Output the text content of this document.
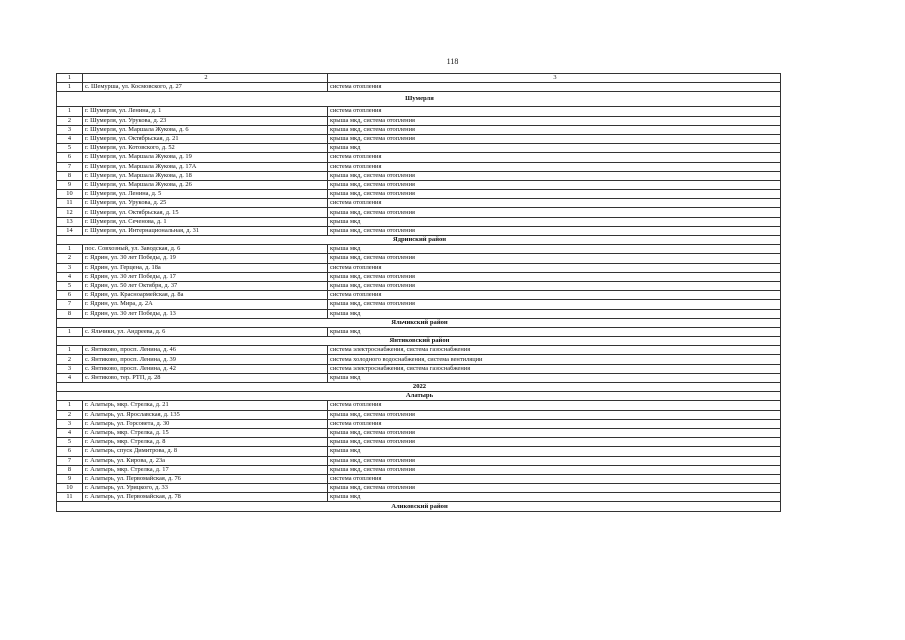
118
1	2	3
1	с. Шемурша, ул. Космовского, д. 27	система отопления
Шумерля		
1	г. Шумерля, ул. Ленина, д. 1	система отопления
2	г. Шумерля, ул. Урукова, д. 23	крыша мкд, система отопления
3	г. Шумерля, ул. Маршала Жукова, д. 6	крыша мкд, система отопления
4	г. Шумерля, ул. Октябрьская, д. 21	крыша мкд, система отопления
5	г. Шумерля, ул. Котовского, д. 52	крыша мкд
6	г. Шумерля, ул. Маршала Жукова, д. 19	система отопления
7	г. Шумерля, ул. Маршала Жукова, д. 17А	система отопления
8	г. Шумерля, ул. Маршала Жукова, д. 18	крыша мкд, система отопления
9	г. Шумерля, ул. Маршала Жукова, д. 26	крыша мкд, система отопления
10	г. Шумерля, ул. Ленина, д. 5	крыша мкд, система отопления
11	г. Шумерля, ул. Урукова, д. 25	система отопления
12	г. Шумерля, ул. Октябрьская, д. 15	крыша мкд, система отопления
13	г. Шумерля, ул. Сеченова, д. 1	крыша мкд
14	г. Шумерля, ул. Интернациональная, д. 31	крыша мкд, система отопления
Ядринский район		
1	пос. Совхозный, ул. Заводская, д. 6	крыша мкд
2	г. Ядрин, ул. 30 лет Победы, д. 19	крыша мкд, система отопления
3	г. Ядрин, ул. Герцена, д. 18а	система отопления
4	г. Ядрин, ул. 30 лет Победы, д. 17	крыша мкд, система отопления
5	г. Ядрин, ул. 50 лет Октября, д. 37	крыша мкд, система отопления
6	г. Ядрин, ул. Красноармейская, д. 8а	система отопления
7	г. Ядрин, ул. Мира, д. 2А	крыша мкд, система отопления
8	г. Ядрин, ул. 30 лет Победы, д. 13	крыша мкд
Яльчикский район		
1	с. Яльчики, ул. Андреева, д. 6	крыша мкд
Янтиковский район		
1	с. Янтиково, просп. Ленина, д. 46	система электроснабжения, система газоснабжения
2	с. Янтиково, просп. Ленина, д. 39	система холодного водоснабжения, система вентиляции
3	с. Янтиково, просп. Ленина, д. 42	система электроснабжения, система газоснабжения
4	с. Янтиково, тер. РТП, д. 28	крыша мкд
2022		
Алатырь		
1	г. Алатырь, мкр. Стрелка, д. 21	система отопления
2	г. Алатырь, ул. Ярославская, д. 135	крыша мкд, система отопления
3	г. Алатырь, ул. Горсовета, д. 30	система отопления
4	г. Алатырь, мкр. Стрелка, д. 15	крыша мкд, система отопления
5	г. Алатырь, мкр. Стрелка, д. 8	крыша мкд, система отопления
6	г. Алатырь, спуск Димитрова, д. 8	крыша мкд
7	г. Алатырь, ул. Кирова, д. 23а	крыша мкд, система отопления
8	г. Алатырь, мкр. Стрелка, д. 17	крыша мкд, система отопления
9	г. Алатырь, ул. Первомайская, д. 76	система отопления
10	г. Алатырь, ул. Урицкого, д. 33	крыша мкд, система отопления
11	г. Алатырь, ул. Первомайская, д. 78	крыша мкд
Аликовский район		
